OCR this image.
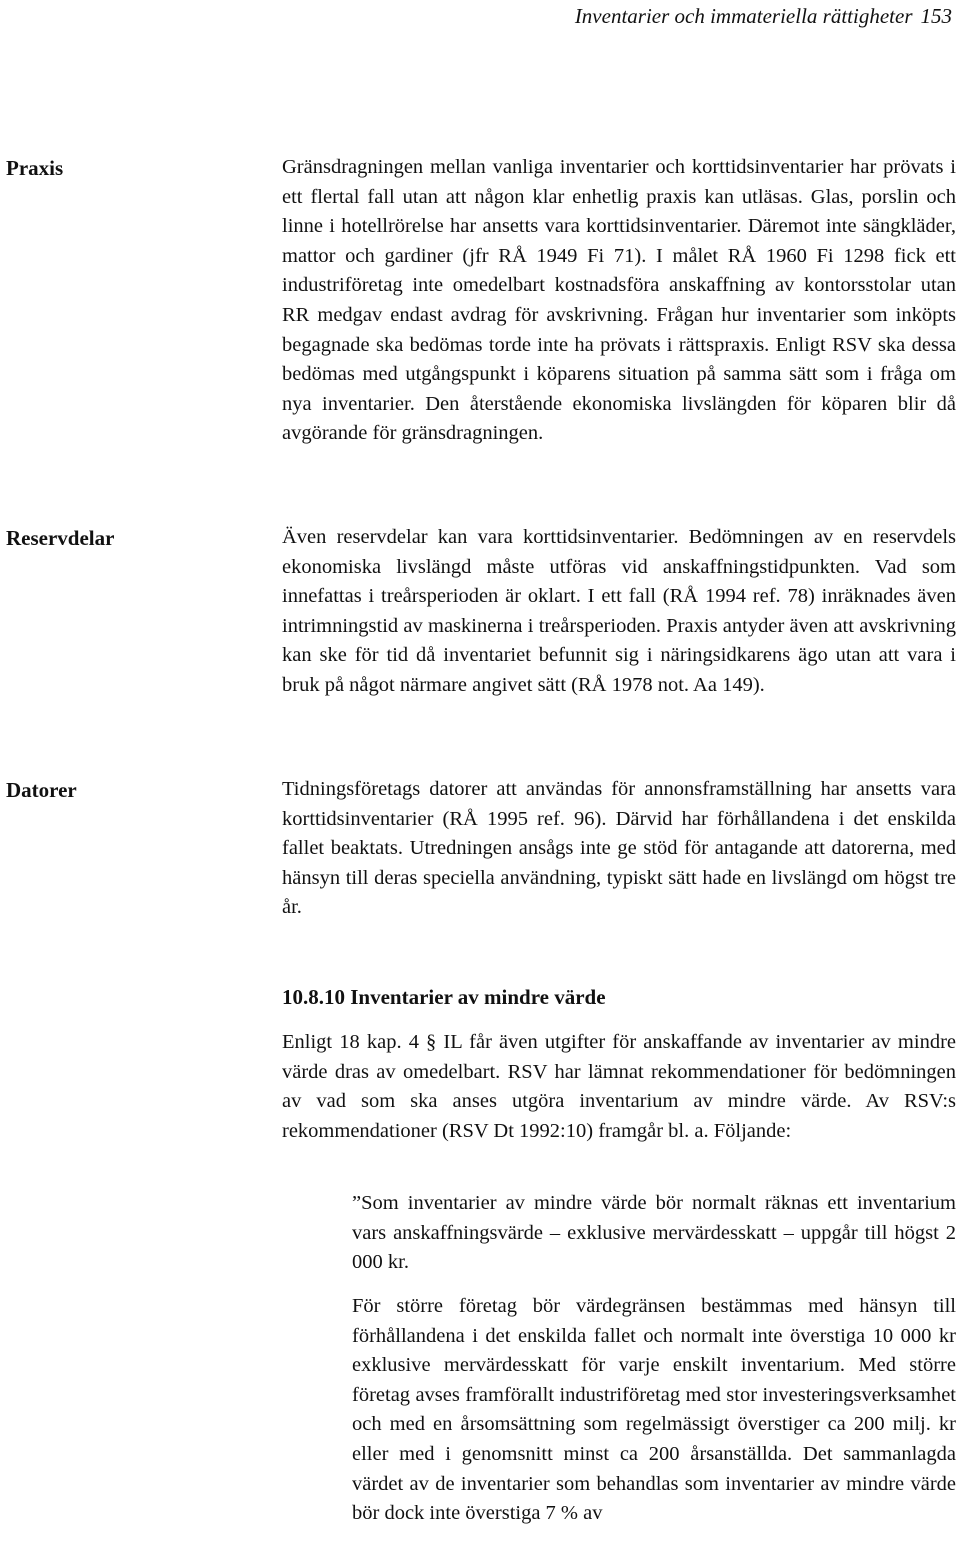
Inventarier och immateriella rättigheter 153
Praxis	Gränsdragningen mellan vanliga inventarier och korttidsinventarier har prövats i ett flertal fall utan att någon klar enhetlig praxis kan utläsas. Glas, porslin och linne i hotellrörelse har ansetts vara korttidsinventarier. Däremot inte sängkläder, mattor och gardiner (jfr RÅ 1949 Fi 71). I målet RÅ 1960 Fi 1298 fick ett industriföretag inte omedelbart kostnadsföra anskaffning av kontorsstolar utan RR medgav endast avdrag för avskrivning. Frågan hur inventarier som inköpts begagnade ska bedömas torde inte ha prövats i rättspraxis. Enligt RSV ska dessa bedömas med utgångspunkt i köparens situation på samma sätt som i fråga om nya inventarier. Den återstående ekonomiska livslängden för köparen blir då avgörande för gränsdragningen.

Reservdelar	Även reservdelar kan vara korttidsinventarier. Bedömningen av en reservdels ekonomiska livslängd måste utföras vid anskaffningstidpunkten. Vad som innefattas i treårsperioden är oklart. I ett fall (RÅ 1994 ref. 78) inräknades även intrimningstid av maskinerna i treårsperioden. Praxis antyder även att avskrivning kan ske för tid då inventariet befunnit sig i näringsidkarens ägo utan att vara i bruk på något närmare angivet sätt (RÅ 1978 not. Aa 149).

Datorer	Tidningsföretags datorer att användas för annonsframställning har ansetts vara korttidsinventarier (RÅ 1995 ref. 96). Därvid har förhållandena i det enskilda fallet beaktats. Utredningen ansågs inte ge stöd för antagande att datorerna, med hänsyn till deras speciella användning, typiskt sätt hade en livslängd om högst tre år.

10.8.10 Inventarier av mindre värde

Enligt 18 kap. 4 § IL får även utgifter för anskaffande av inventarier av mindre värde dras av omedelbart. RSV har lämnat rekommendationer för bedömningen av vad som ska anses utgöra inventarium av mindre värde. Av RSV:s rekommendationer (RSV Dt 1992:10) framgår bl. a. Följande:

”Som inventarier av mindre värde bör normalt räknas ett inventarium vars anskaffningsvärde – exklusive mervärdesskatt – uppgår till högst 2 000 kr.

För större företag bör värdegränsen bestämmas med hänsyn till förhållandena i det enskilda fallet och normalt inte överstiga 10 000 kr exklusive mervärdesskatt för varje enskilt inventarium. Med större företag avses framförallt industriföretag med stor investeringsverksamhet och med en årsomsättning som regelmässigt överstiger ca 200 milj. kr eller med i genomsnitt minst ca 200 årsanställda. Det sammanlagda värdet av de inventarier som behandlas som inventarier av mindre värde bör dock inte överstiga 7 % av
